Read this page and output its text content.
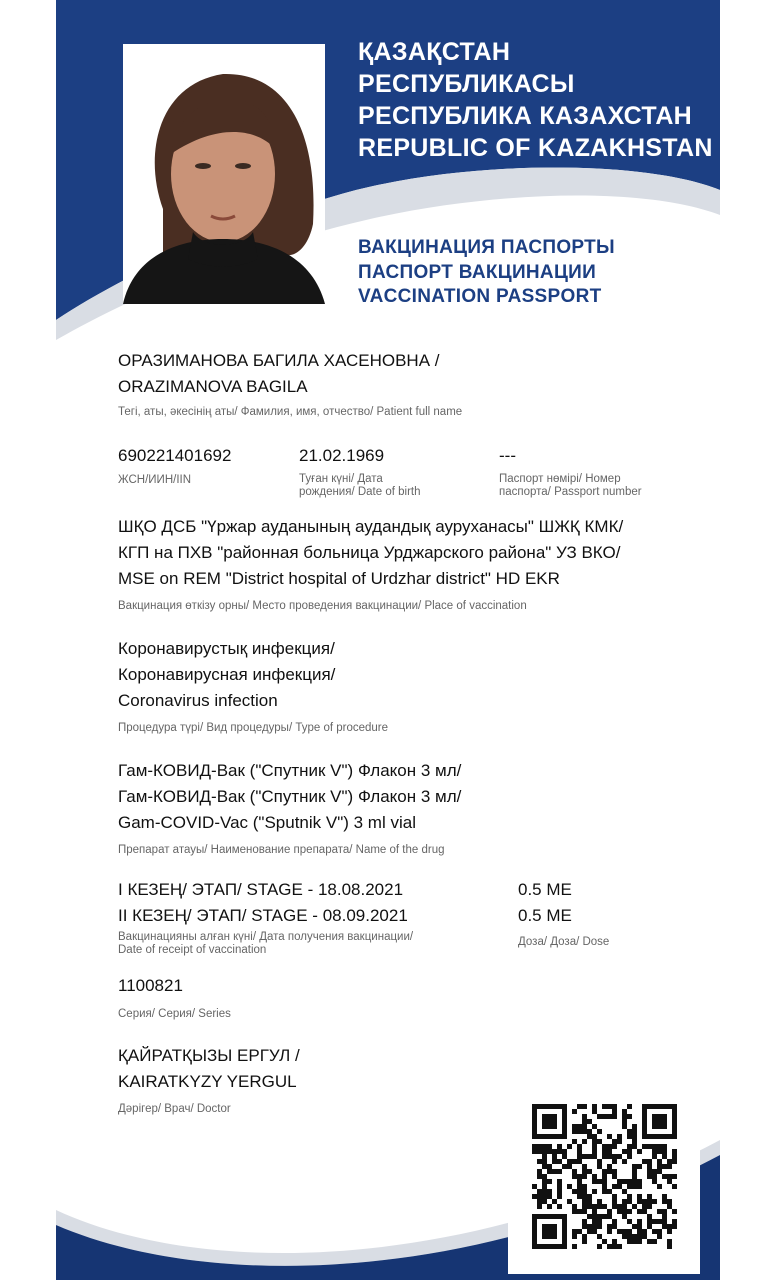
ҚАЗАҚСТАН РЕСПУБЛИКАСЫ
РЕСПУБЛИКА КАЗАХСТАН
REPUBLIC OF KAZAKHSTAN
ВАКЦИНАЦИЯ ПАСПОРТЫ
ПАСПОРТ ВАКЦИНАЦИИ
VACCINATION PASSPORT
ОРАЗИМАНОВА БАГИЛА ХАСЕНОВНА /
ORAZIMANOVA BAGILA
Тегі, аты, әкесінің аты/ Фамилия, имя, отчество/ Patient full name
690221401692
ЖСН/ИИН/IIN
21.02.1969
Туған күні/ Дата
рождения/ Date of birth
---
Паспорт нөмірі/ Номер
паспорта/ Passport number
ШҚО ДСБ "Үржар ауданының аудандық ауруханасы" ШЖҚ КМК/
КГП на ПХВ "районная больница Урджарского района" УЗ ВКО/
MSE on REM "District hospital of Urdzhar district" HD EKR
Вакцинация өткізу орны/ Место проведения вакцинации/ Place of vaccination
Коронавирустық инфекция/
Коронавирусная инфекция/
Coronavirus infection
Процедура түрі/ Вид процедуры/ Type of procedure
Гам-КОВИД-Вак ("Спутник V") Флакон 3 мл/
Гам-КОВИД-Вак ("Спутник V") Флакон 3 мл/
Gam-COVID-Vac ("Sputnik V") 3 ml vial
Препарат атауы/ Наименование препарата/ Name of the drug
I КЕЗЕҢ/ ЭТАП/ STAGE - 18.08.2021
II КЕЗЕҢ/ ЭТАП/ STAGE - 08.09.2021
Вакцинацияны алған күні/ Дата получения вакцинации/
Date of receipt of vaccination
0.5 МЕ
0.5 МЕ
Доза/ Доза/ Dose
1100821
Серия/ Серия/ Series
ҚАЙРАТҚЫЗЫ ЕРГУЛ /
KAIRATKYZY YERGUL
Дәрігер/ Врач/ Doctor
